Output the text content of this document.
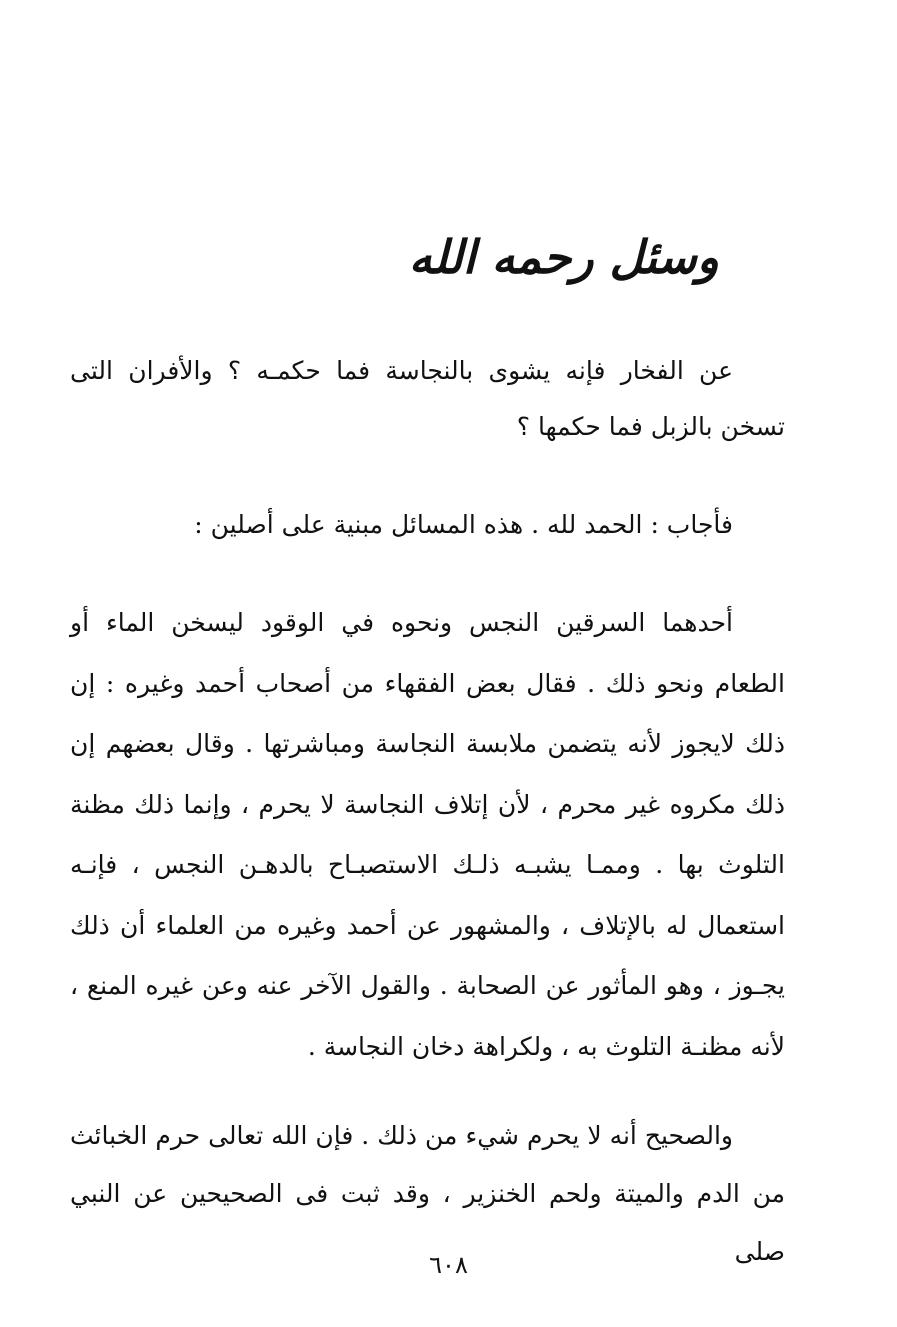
وسئل رحمه الله

عن الفخار فإنه يشوى بالنجاسة فما حكمـه ؟ والأفران التى تسخن بالزبل فما حكمها ؟

فأجاب : الحمد لله . هذه المسائل مبنية على أصلين :

أحدهما السرقين النجس ونحوه في الوقود ليسخن الماء أو الطعام ونحو ذلك . فقال بعض الفقهاء من أصحاب أحمد وغيره : إن ذلك لايجوز لأنه يتضمن ملابسة النجاسة ومباشرتها . وقال بعضهم إن ذلك مكروه غير محرم ، لأن إتلاف النجاسة لا يحرم ، وإنما ذلك مظنة التلوث بها . وممـا يشبـه ذلـك الاستصبـاح بالدهـن النجس ، فإنـه استعمال له بالإتلاف ، والمشهور عن أحمد وغيره من العلماء أن ذلك يجـوز ، وهو المأثور عن الصحابة . والقول الآخر عنه وعن غيره المنع ، لأنه مظنـة التلوث به ، ولكراهة دخان النجاسة .

والصحيح أنه لا يحرم شيء من ذلك . فإن الله تعالى حرم الخبائث من الدم والميتة ولحم الخنزير ، وقد ثبت فى الصحيحين عن النبي صلى

٦٠٨
